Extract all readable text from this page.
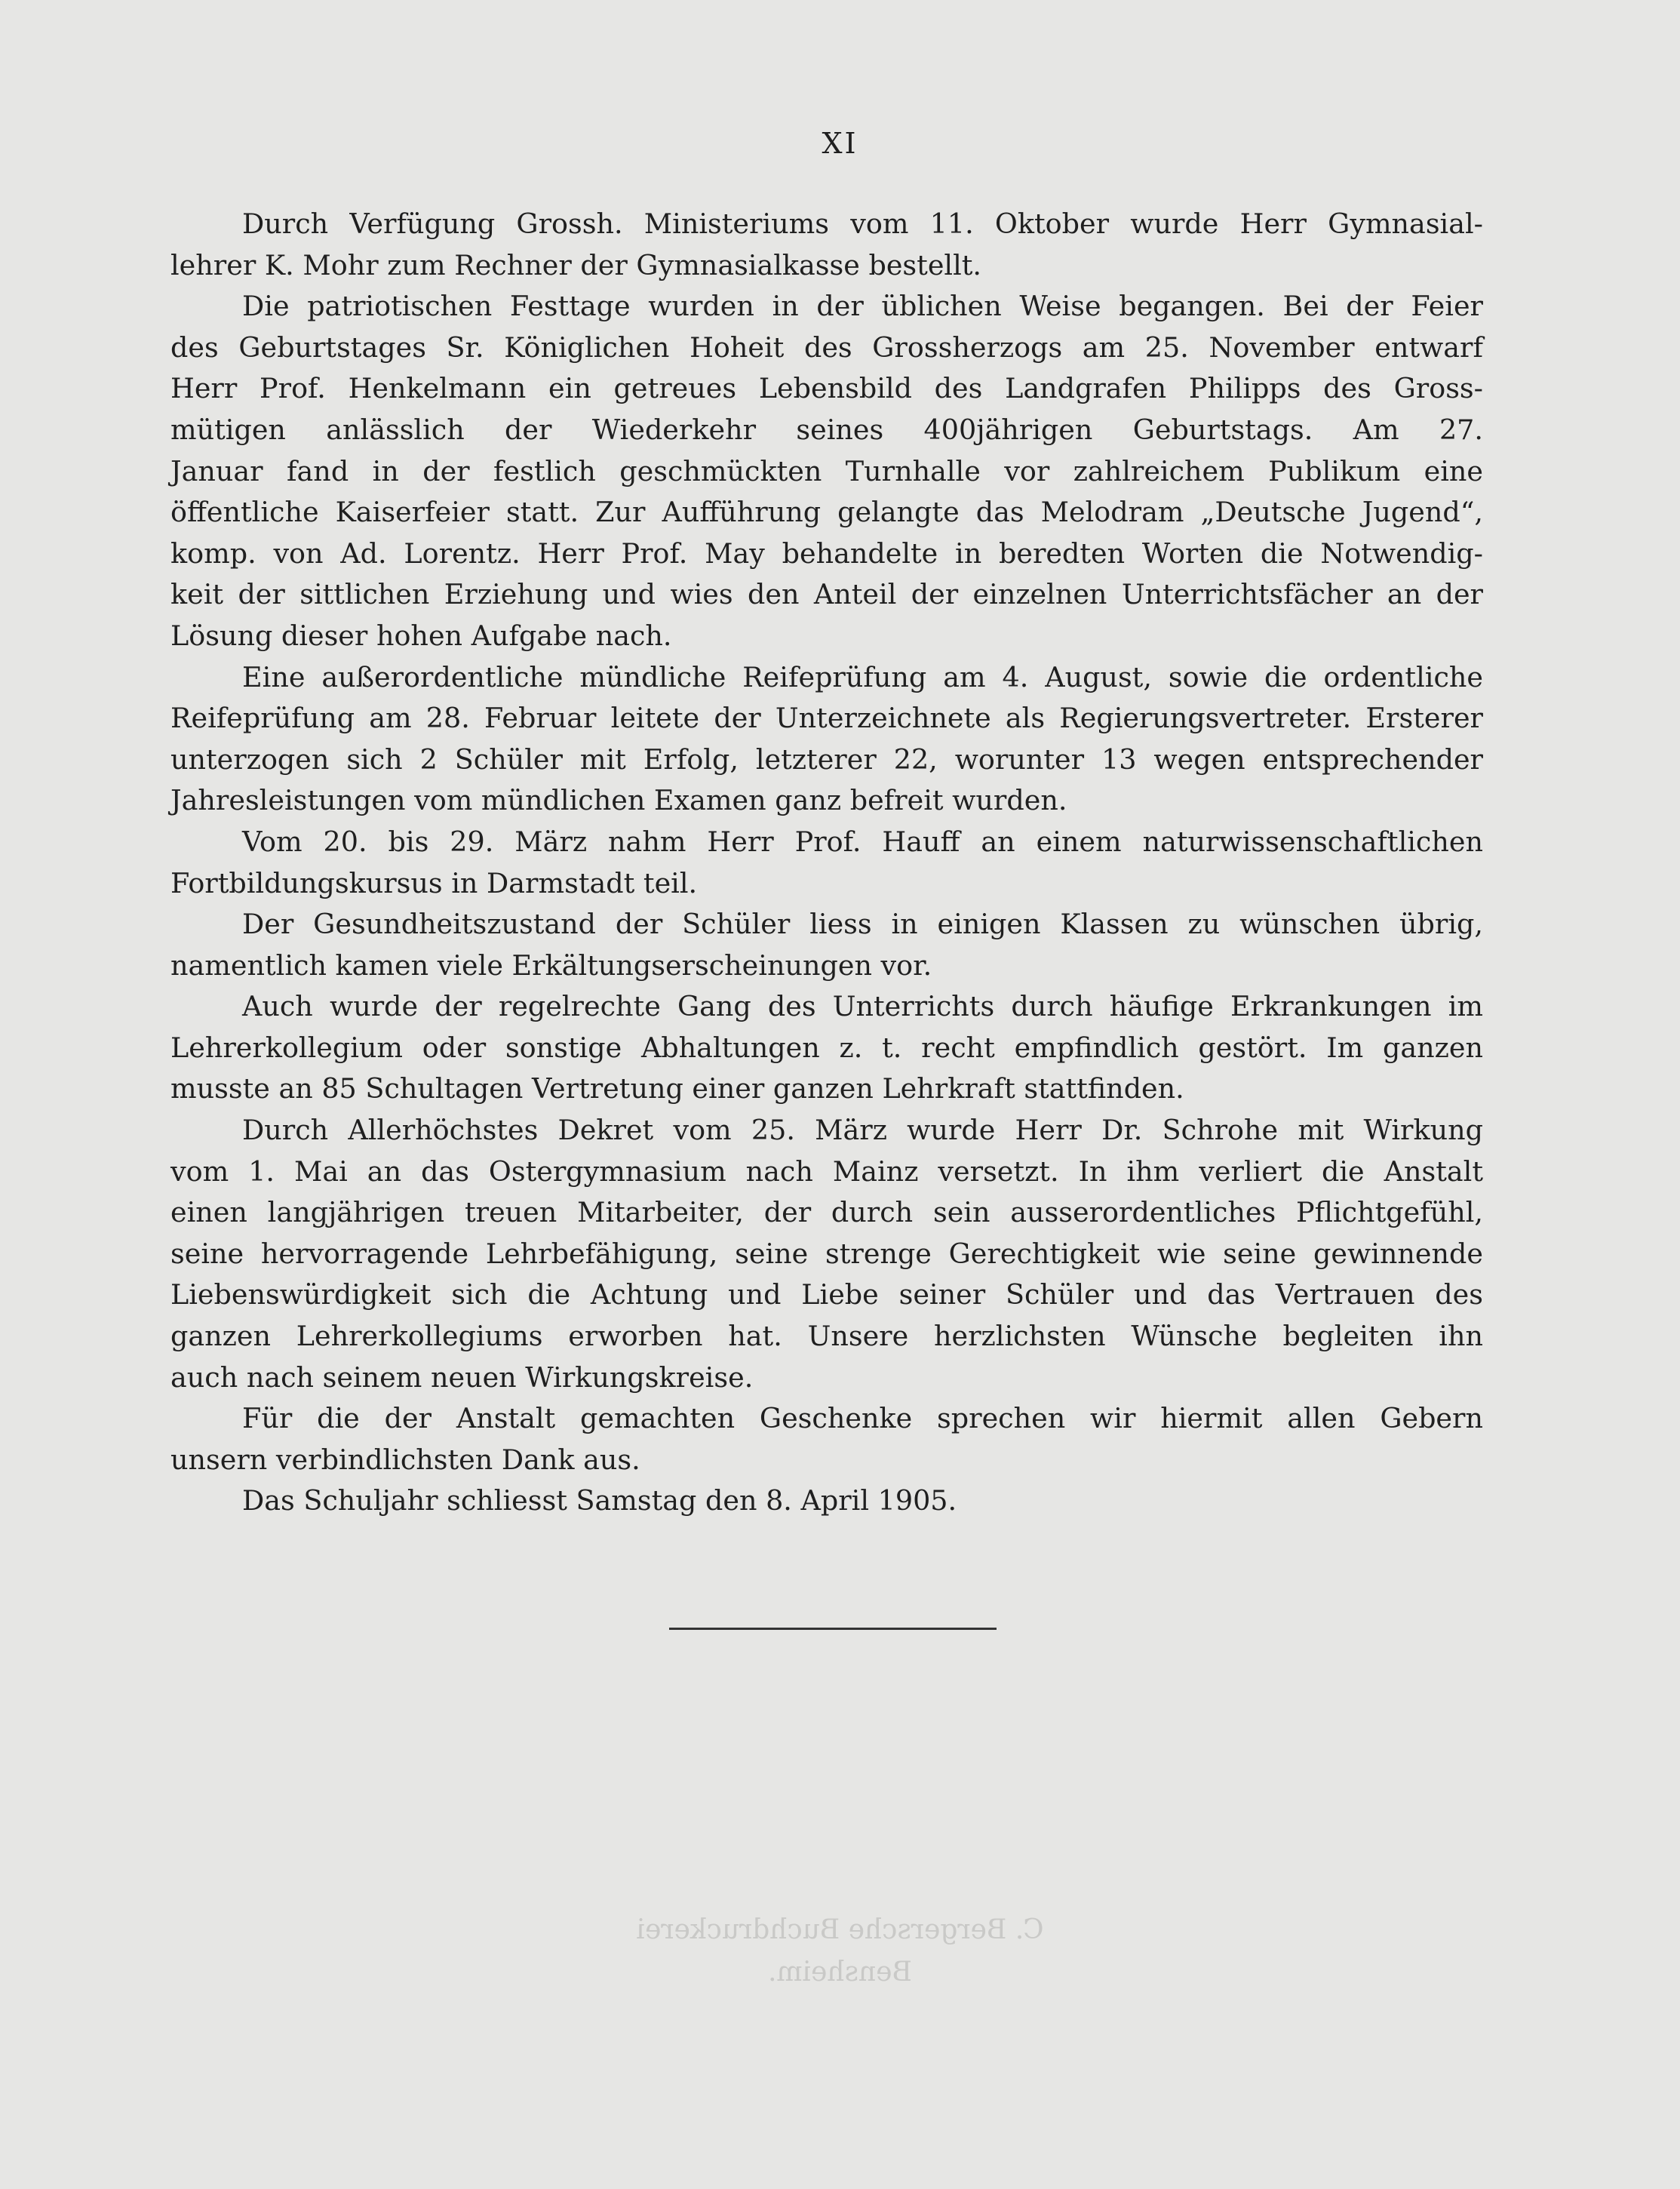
XI

Durch Verfügung Grossh. Ministeriums vom 11. Oktober wurde Herr Gymnasial-
lehrer K. Mohr zum Rechner der Gymnasialkasse bestellt.

Die patriotischen Festtage wurden in der üblichen Weise begangen. Bei der Feier
des Geburtstages Sr. Königlichen Hoheit des Grossherzogs am 25. November entwarf
Herr Prof. Henkelmann ein getreues Lebensbild des Landgrafen Philipps des Gross-
mütigen anlässlich der Wiederkehr seines 400jährigen Geburtstags. Am 27.
Januar fand in der festlich geschmückten Turnhalle vor zahlreichem Publikum eine
öffentliche Kaiserfeier statt. Zur Aufführung gelangte das Melodram „Deutsche Jugend“,
komp. von Ad. Lorentz. Herr Prof. May behandelte in beredten Worten die Notwendig-
keit der sittlichen Erziehung und wies den Anteil der einzelnen Unterrichtsfächer an der
Lösung dieser hohen Aufgabe nach.

Eine außerordentliche mündliche Reifeprüfung am 4. August, sowie die ordentliche
Reifeprüfung am 28. Februar leitete der Unterzeichnete als Regierungsvertreter. Ersterer
unterzogen sich 2 Schüler mit Erfolg, letzterer 22, worunter 13 wegen entsprechender
Jahresleistungen vom mündlichen Examen ganz befreit wurden.

Vom 20. bis 29. März nahm Herr Prof. Hauff an einem naturwissenschaftlichen
Fortbildungskursus in Darmstadt teil.

Der Gesundheitszustand der Schüler liess in einigen Klassen zu wünschen übrig,
namentlich kamen viele Erkältungserscheinungen vor.

Auch wurde der regelrechte Gang des Unterrichts durch häufige Erkrankungen im
Lehrerkollegium oder sonstige Abhaltungen z. t. recht empfindlich gestört. Im ganzen
musste an 85 Schultagen Vertretung einer ganzen Lehrkraft stattfinden.

Durch Allerhöchstes Dekret vom 25. März wurde Herr Dr. Schrohe mit Wirkung
vom 1. Mai an das Ostergymnasium nach Mainz versetzt. In ihm verliert die Anstalt
einen langjährigen treuen Mitarbeiter, der durch sein ausserordentliches Pflichtgefühl,
seine hervorragende Lehrbefähigung, seine strenge Gerechtigkeit wie seine gewinnende
Liebenswürdigkeit sich die Achtung und Liebe seiner Schüler und das Vertrauen des
ganzen Lehrerkollegiums erworben hat. Unsere herzlichsten Wünsche begleiten ihn
auch nach seinem neuen Wirkungskreise.

Für die der Anstalt gemachten Geschenke sprechen wir hiermit allen Gebern
unsern verbindlichsten Dank aus.

Das Schuljahr schliesst Samstag den 8. April 1905.

C. Bergersche Buchdruckerei
Bensheim.
